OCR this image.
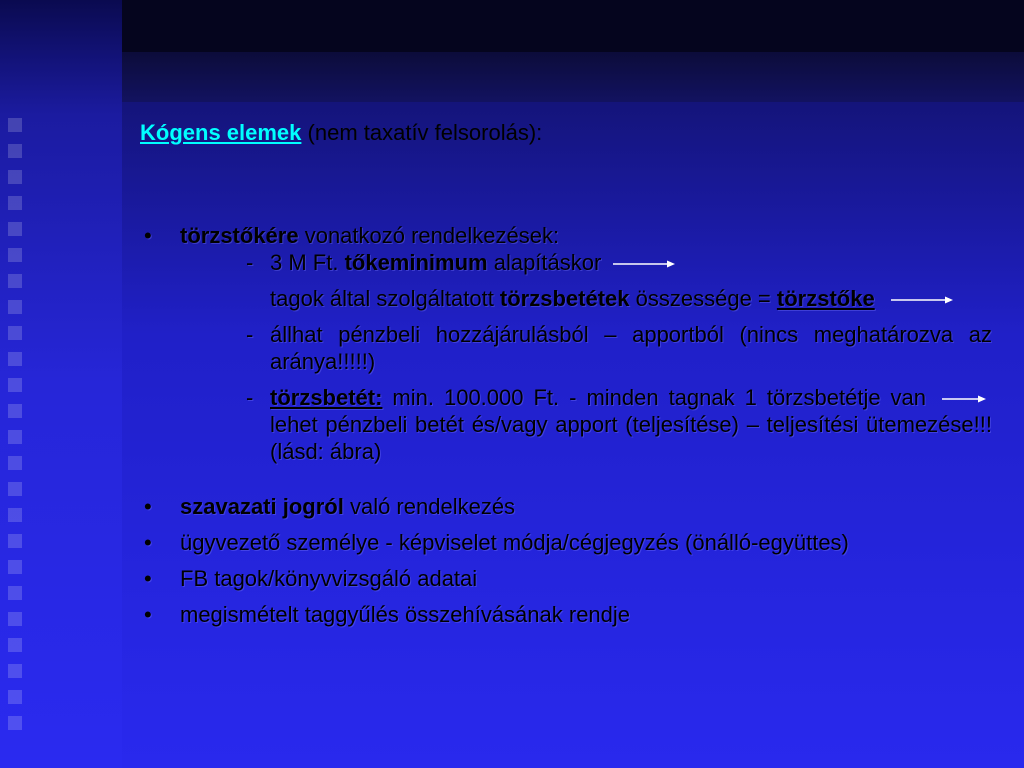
Kógens elemek (nem taxatív felsorolás):
• törzstőkére vonatkozó rendelkezések:
- 3 M Ft. tőkeminimum alapításkor
tagok által szolgáltatott törzsbetétek összessége = törzstőke
- állhat pénzbeli hozzájárulásból – apportból (nincs meghatározva az aránya!!!!!)
- törzsbetét: min. 100.000 Ft. - minden tagnak 1 törzsbetétje van
lehet pénzbeli betét és/vagy apport (teljesítése) – teljesítési ütemezése!!!(lásd: ábra)
• szavazati jogról való rendelkezés
• ügyvezető személye - képviselet módja/cégjegyzés (önálló-együttes)
• FB tagok/könyvvizsgáló adatai
• megismételt taggyűlés összehívásának rendje
